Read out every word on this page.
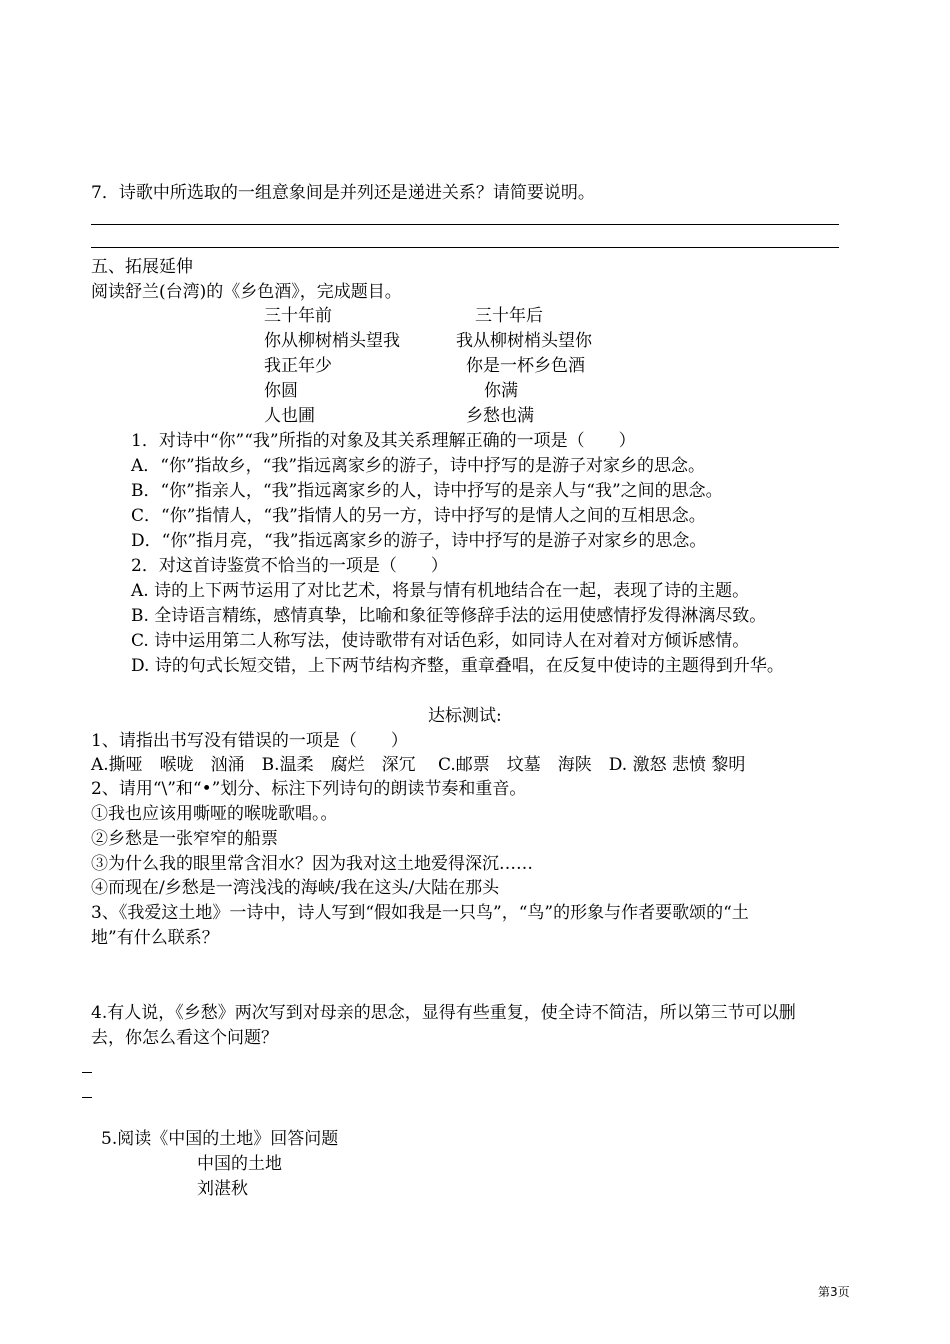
7．诗歌中所选取的一组意象间是并列还是递进关系？请简要说明。
五、拓展延伸
阅读舒兰(台湾)的《乡色酒》，完成题目。
三十年前	三十年后
你从柳树梢头望我	我从柳树梢头望你
我正年少	你是一杯乡色酒
你圆	你满
人也圃	乡愁也满
1．对诗中“你”“我”所指的对象及其关系理解正确的一项是（　　）
A．“你”指故乡，“我”指远离家乡的游子，诗中抒写的是游子对家乡的思念。
B．“你”指亲人，“我”指远离家乡的人，诗中抒写的是亲人与“我”之间的思念。
C．“你”指情人，“我”指情人的另一方，诗中抒写的是情人之间的互相思念。
D．“你”指月亮，“我”指远离家乡的游子，诗中抒写的是游子对家乡的思念。
2．对这首诗鉴赏不恰当的一项是（　　）
A. 诗的上下两节运用了对比艺术，将景与情有机地结合在一起，表现了诗的主题。
B. 全诗语言精练，感情真挚，比喻和象征等修辞手法的运用使感情抒发得淋漓尽致。
C. 诗中运用第二人称写法，使诗歌带有对话色彩，如同诗人在对着对方倾诉感情。
D. 诗的句式长短交错，上下两节结构齐整，重章叠唱，在反复中使诗的主题得到升华。
达标测试:
1、请指出书写没有错误的一项是（　　）
A.撕哑　喉咙　汹涌　B.温柔　腐烂　深冗　 C.邮票　坟墓　海陕　D. 激怒 悲愤 黎明
2、请用“\”和“•”划分、标注下列诗句的朗读节奏和重音。
①我也应该用嘶哑的喉咙歌唱。。
②乡愁是一张窄窄的船票
③为什么我的眼里常含泪水？因为我对这土地爱得深沉……
④而现在/乡愁是一湾浅浅的海峡/我在这头/大陆在那头
3、《我爱这土地》一诗中，诗人写到“假如我是一只鸟”，“鸟”的形象与作者要歌颂的“土
地”有什么联系？
4.有人说，《乡愁》两次写到对母亲的思念，显得有些重复，使全诗不简洁，所以第三节可以删
去，你怎么看这个问题？
5.阅读《中国的土地》回答问题
中国的土地
刘湛秋
第3页
